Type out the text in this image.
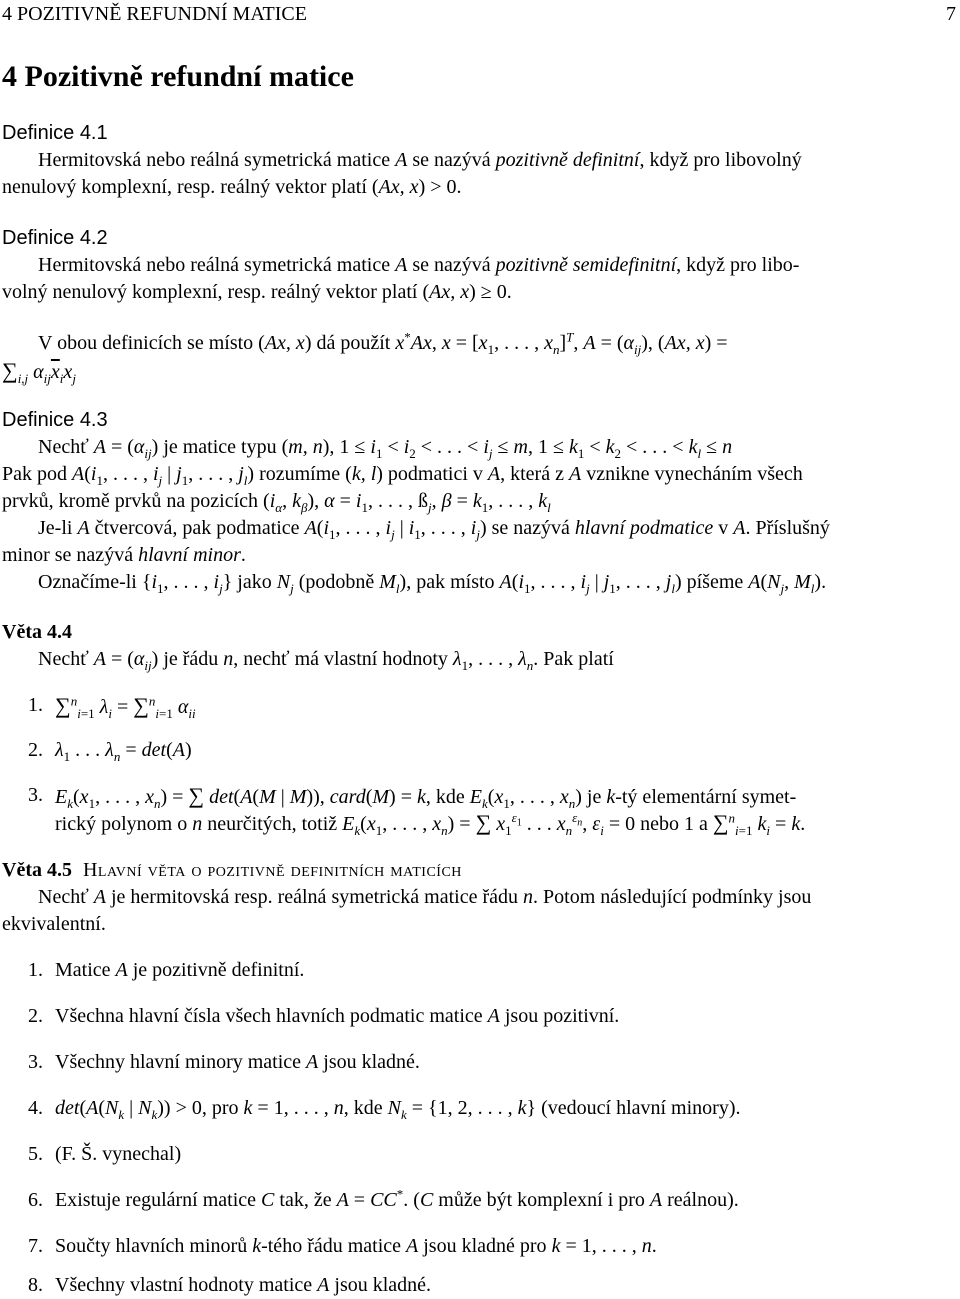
4 POZITIVNĚ REFUNDNÍ MATICE	7
4 Pozitivně refundní matice
Definice 4.1
Hermitovská nebo reálná symetrická matice A se nazývá pozitivně definitní, když pro libovolný
nenulový komplexní, resp. reálný vektor platí (Ax, x) > 0.
Definice 4.2
Hermitovská nebo reálná symetrická matice A se nazývá pozitivně semidefinitní, když pro libo-
volný nenulový komplexní, resp. reálný vektor platí (Ax, x) ≥ 0.
V obou definicích se místo (Ax, x) dá použít x*Ax, $x = [x_1$, . . . , $x_n]^T$, $A = (\alpha_{ij})$, (Ax, x) =
$\sum_{i,j}$ $\alpha_{ij}\overline{x}_ix_j$
Definice 4.3
Nechť $A = (\alpha_{ij})$ je matice typu (m, n), $1 \le i_1 < i_2$ < . . . < $i_j \le m$, $1 \le k_1 < k_2$ < . . . < $k_l \le n$
Pak pod $A(i_1$, . . . , $i_j$ | $j_1$, . . . , $j_l$) rozumíme (k, l) podmatici v A, která z A vznikne vynecháním všech
prvků, kromě prvků na pozicích ($i_\alpha$, $k_\beta$), $\alpha = i_1$, . . . , $ß_j$, $\beta = k_1$, . . . , $k_l$
Je-li A čtvercová, pak podmatice $A(i_1$, . . . , $i_j$ | $i_1$, . . . , $i_j$) se nazývá hlavní podmatice v A. Příslušný
minor se nazývá hlavní minor.
Označíme-li {$i_1$, . . . , $i_j$} jako $N_j$ (podobně $M_l$), pak místo $A(i_1$, . . . , $i_j$ | $j_1$, . . . , $j_l$) píšeme $A(N_j$, $M_l$).
Věta 4.4
Nechť $A = (\alpha_{ij})$ je řádu n, nechť má vlastní hodnoty $\lambda_1$, . . . , $\lambda_n$. Pak platí
1. ∑$^n_{i=1}$ $\lambda_i = \sum^n_{i=1}$ $\alpha_{ii}$
2. $\lambda_1$ . . . $\lambda_n = \det(A)$
3. $E_k(x_1$, . . . , $x_n$) = ∑ det(A(M | M)), card(M) = k, kde $E_k(x_1$, . . . , $x_n$) je k-tý elementární symet-
rický polynom o n neurčitých, totiž $E_k(x_1$, . . . , $x_n$) = ∑ $x_1^{\varepsilon_1}$ . . . $x_n^{\varepsilon_n}$, $\varepsilon_i = 0$ nebo 1 a ∑$^n_{i=1}$ $k_i = k$.
Věta 4.5 Hlavní věta o pozitivně definitních maticích
Nechť A je hermitovská resp. reálná symetrická matice řádu n. Potom následující podmínky jsou
ekvivalentní.
1. Matice A je pozitivně definitní.
2. Všechna hlavní čísla všech hlavních podmatic matice A jsou pozitivní.
3. Všechny hlavní minory matice A jsou kladné.
4. $\det(A(N_k$ | $N_k)) > 0$, pro k = 1, . . . , n, kde $N_k = \{1$, 2, . . . , k} (vedoucí hlavní minory).
5. (F. Š. vynechal)
6. Existuje regulární matice C tak, že A = CC*. (C může být komplexní i pro A reálnou).
7. Součty hlavních minorů k-tého řádu matice A jsou kladné pro k = 1, . . . , n.
8. Všechny vlastní hodnoty matice A jsou kladné.
